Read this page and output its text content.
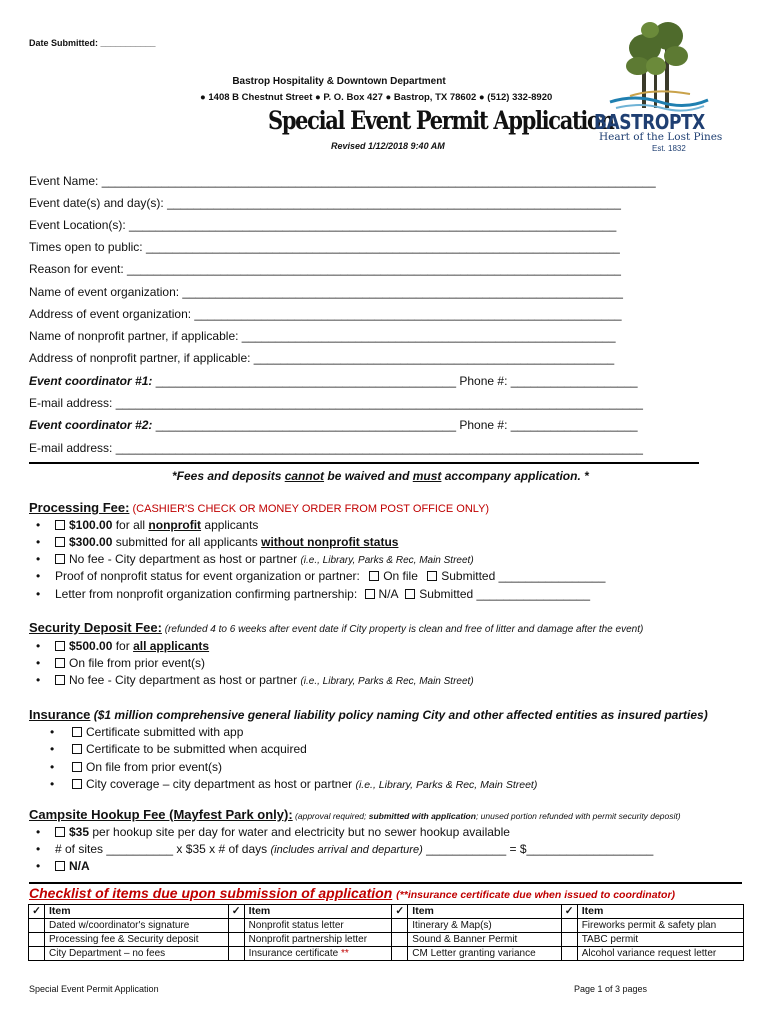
Date Submitted: ___________
Bastrop Hospitality & Downtown Department
● 1408 B Chestnut Street ● P. O. Box 427 ● Bastrop, TX 78602 ● (512) 332-8920
Special Event Permit Application
Revised 1/12/2018 9:40 AM
BASTROPTX
Heart of the Lost Pines
Est. 1832
Event Name: ___________________________________________________________________________________
Event date(s) and day(s): ____________________________________________________________________
Event Location(s): _________________________________________________________________________
Times open to public: _______________________________________________________________________
Reason for event: __________________________________________________________________________
Name of event organization: __________________________________________________________________
Address of event organization: ________________________________________________________________
Name of nonprofit partner, if applicable: ________________________________________________________
Address of nonprofit partner, if applicable: ______________________________________________________
Event coordinator #1: _____________________________________________ Phone #: ___________________
E-mail address: _______________________________________________________________________________
Event coordinator #2: _____________________________________________ Phone #: ___________________
E-mail address: _______________________________________________________________________________
*Fees and deposits cannot be waived and must accompany application. *
Processing Fee: (CASHIER'S CHECK OR MONEY ORDER FROM POST OFFICE ONLY)
•	$100.00 for all nonprofit applicants
•	$300.00 submitted for all applicants without nonprofit status
•	No fee - City department as host or partner (i.e., Library, Parks & Rec, Main Street)
• Proof of nonprofit status for event organization or partner: On file Submitted ________________
• Letter from nonprofit organization confirming partnership: N/A Submitted _________________
Security Deposit Fee: (refunded 4 to 6 weeks after event date if City property is clean and free of litter and damage after the event)
•	$500.00 for all applicants
•	On file from prior event(s)
•	No fee - City department as host or partner (i.e., Library, Parks & Rec, Main Street)
Insurance ($1 million comprehensive general liability policy naming City and other affected entities as insured parties)
•	Certificate submitted with app
•	Certificate to be submitted when acquired
•	On file from prior event(s)
•	City coverage – city department as host or partner (i.e., Library, Parks & Rec, Main Street)
Campsite Hookup Fee (Mayfest Park only): (approval required; submitted with application; unused portion refunded with permit security deposit)
•	$35 per hookup site per day for water and electricity but no sewer hookup available
• # of sites __________ x $35 x # of days (includes arrival and departure) ____________ = $___________________
•	N/A
Checklist of items due upon submission of application (**insurance certificate due when issued to coordinator)
✓	Item	✓	Item	✓	Item	✓	Item
	Dated w/coordinator's signature		Nonprofit status letter		Itinerary & Map(s)		Fireworks permit & safety plan
	Processing fee & Security deposit		Nonprofit partnership letter		Sound & Banner Permit		TABC permit
	City Department – no fees		Insurance certificate **		CM Letter granting variance		Alcohol variance request letter
Special Event Permit Application	Page 1 of 3 pages
